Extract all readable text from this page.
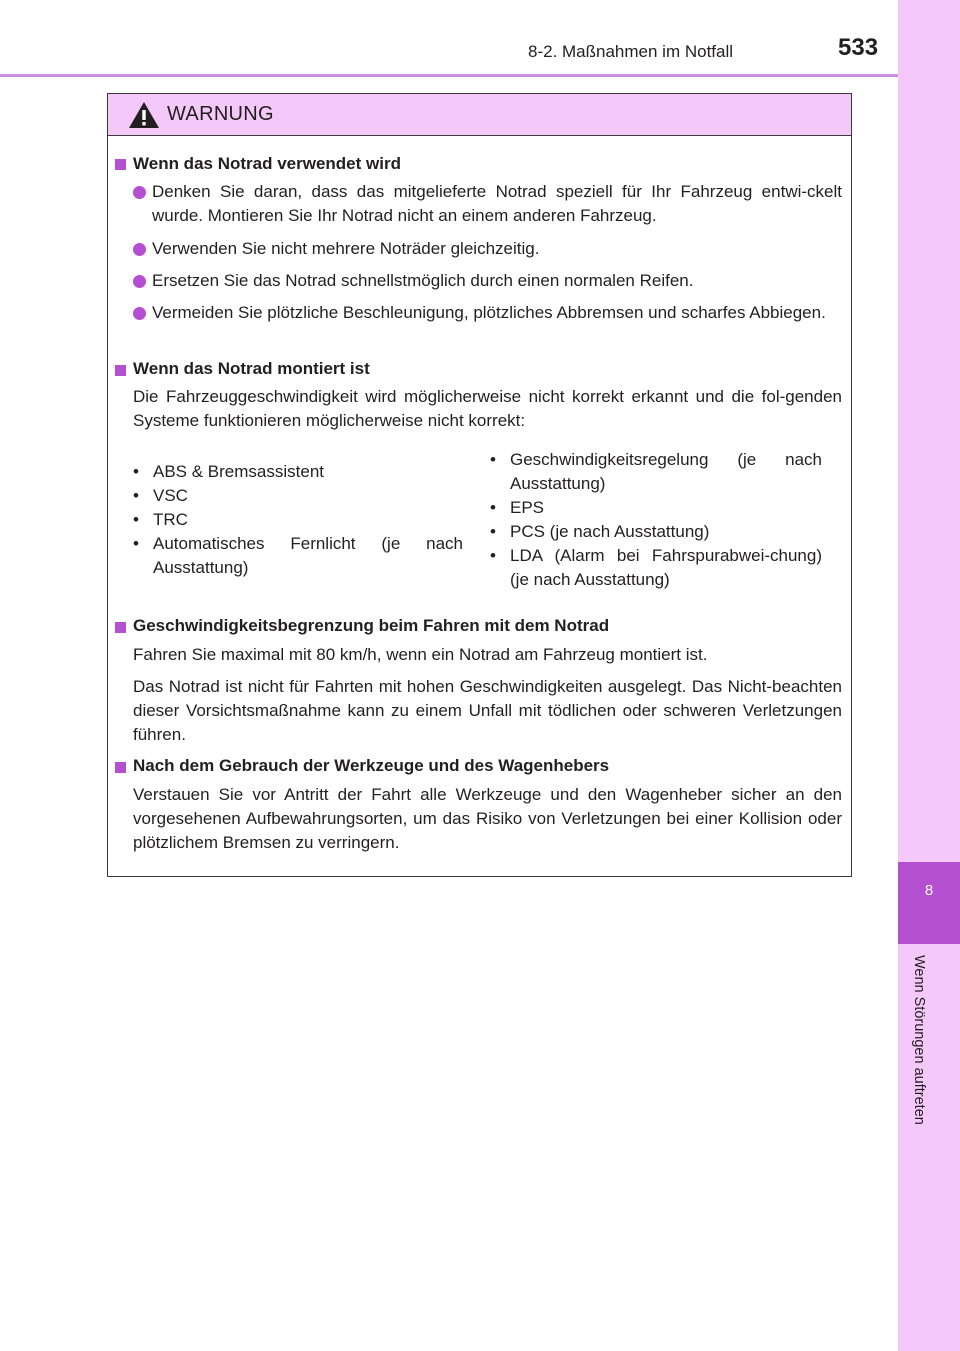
8-2. Maßnahmen im Notfall	533
8
Wenn Störungen auftreten
WARNUNG
Wenn das Notrad verwendet wird
Denken Sie daran, dass das mitgelieferte Notrad speziell für Ihr Fahrzeug entwi-ckelt wurde. Montieren Sie Ihr Notrad nicht an einem anderen Fahrzeug.
Verwenden Sie nicht mehrere Noträder gleichzeitig.
Ersetzen Sie das Notrad schnellstmöglich durch einen normalen Reifen.
Vermeiden Sie plötzliche Beschleunigung, plötzliches Abbremsen und scharfes Abbiegen.
Wenn das Notrad montiert ist
Die Fahrzeuggeschwindigkeit wird möglicherweise nicht korrekt erkannt und die fol-genden Systeme funktionieren möglicherweise nicht korrekt:
• ABS & Bremsassistent
• VSC
• TRC
• Automatisches Fernlicht (je nach Ausstattung)
• Geschwindigkeitsregelung (je nach Ausstattung)
• EPS
• PCS (je nach Ausstattung)
• LDA (Alarm bei Fahrspurabwei-chung) (je nach Ausstattung)
Geschwindigkeitsbegrenzung beim Fahren mit dem Notrad
Fahren Sie maximal mit 80 km/h, wenn ein Notrad am Fahrzeug montiert ist.
Das Notrad ist nicht für Fahrten mit hohen Geschwindigkeiten ausgelegt. Das Nicht-beachten dieser Vorsichtsmaßnahme kann zu einem Unfall mit tödlichen oder schweren Verletzungen führen.
Nach dem Gebrauch der Werkzeuge und des Wagenhebers
Verstauen Sie vor Antritt der Fahrt alle Werkzeuge und den Wagenheber sicher an den vorgesehenen Aufbewahrungsorten, um das Risiko von Verletzungen bei einer Kollision oder plötzlichem Bremsen zu verringern.
